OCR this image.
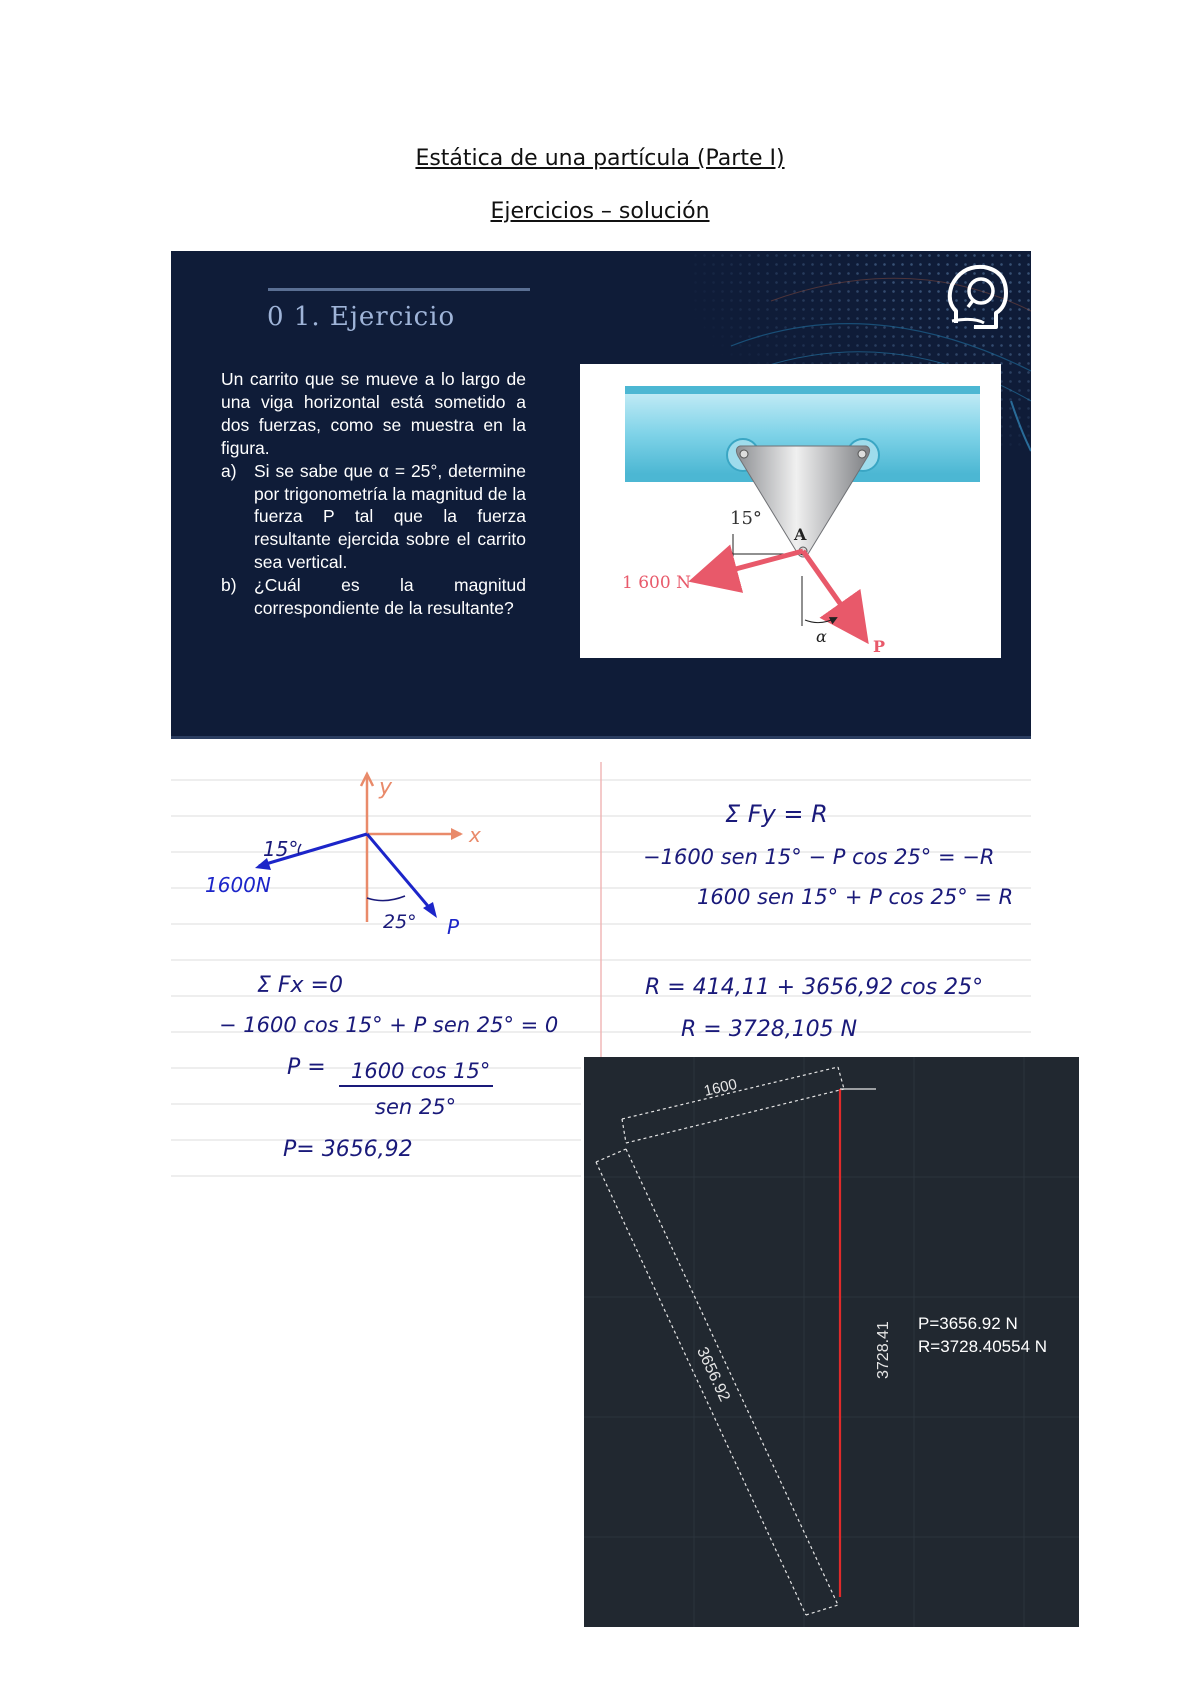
Estática de una partícula (Parte I)
Ejercicios – solución
0 1. Ejercicio

Un carrito que se mueve a lo largo de una viga horizontal está sometido a dos fuerzas, como se muestra en la figura.

a) Si se sabe que α = 25°, determine por trigonometría la magnitud de la fuerza P tal que la fuerza resultante ejercida sobre el carrito sea vertical.
b) ¿Cuál es la magnitud correspondiente de la resultante?
15°
A
1 600 N
α
P
y
x
15°
1600N
25° P
Σ Fx =0
− 1600 cos 15° + P sen 25° = 0
P = 1600 cos 15°
sen 25°
P= 3656,92
Σ Fy = R
−1600 sen 15° − P cos 25° = −R
1600 sen 15° + P cos 25° = R
R = 414,11 + 3656,92 cos 25°
R = 3728,105 N
1600
3656.92	3728.41 P=3656.92 N
R=3728.40554 N
